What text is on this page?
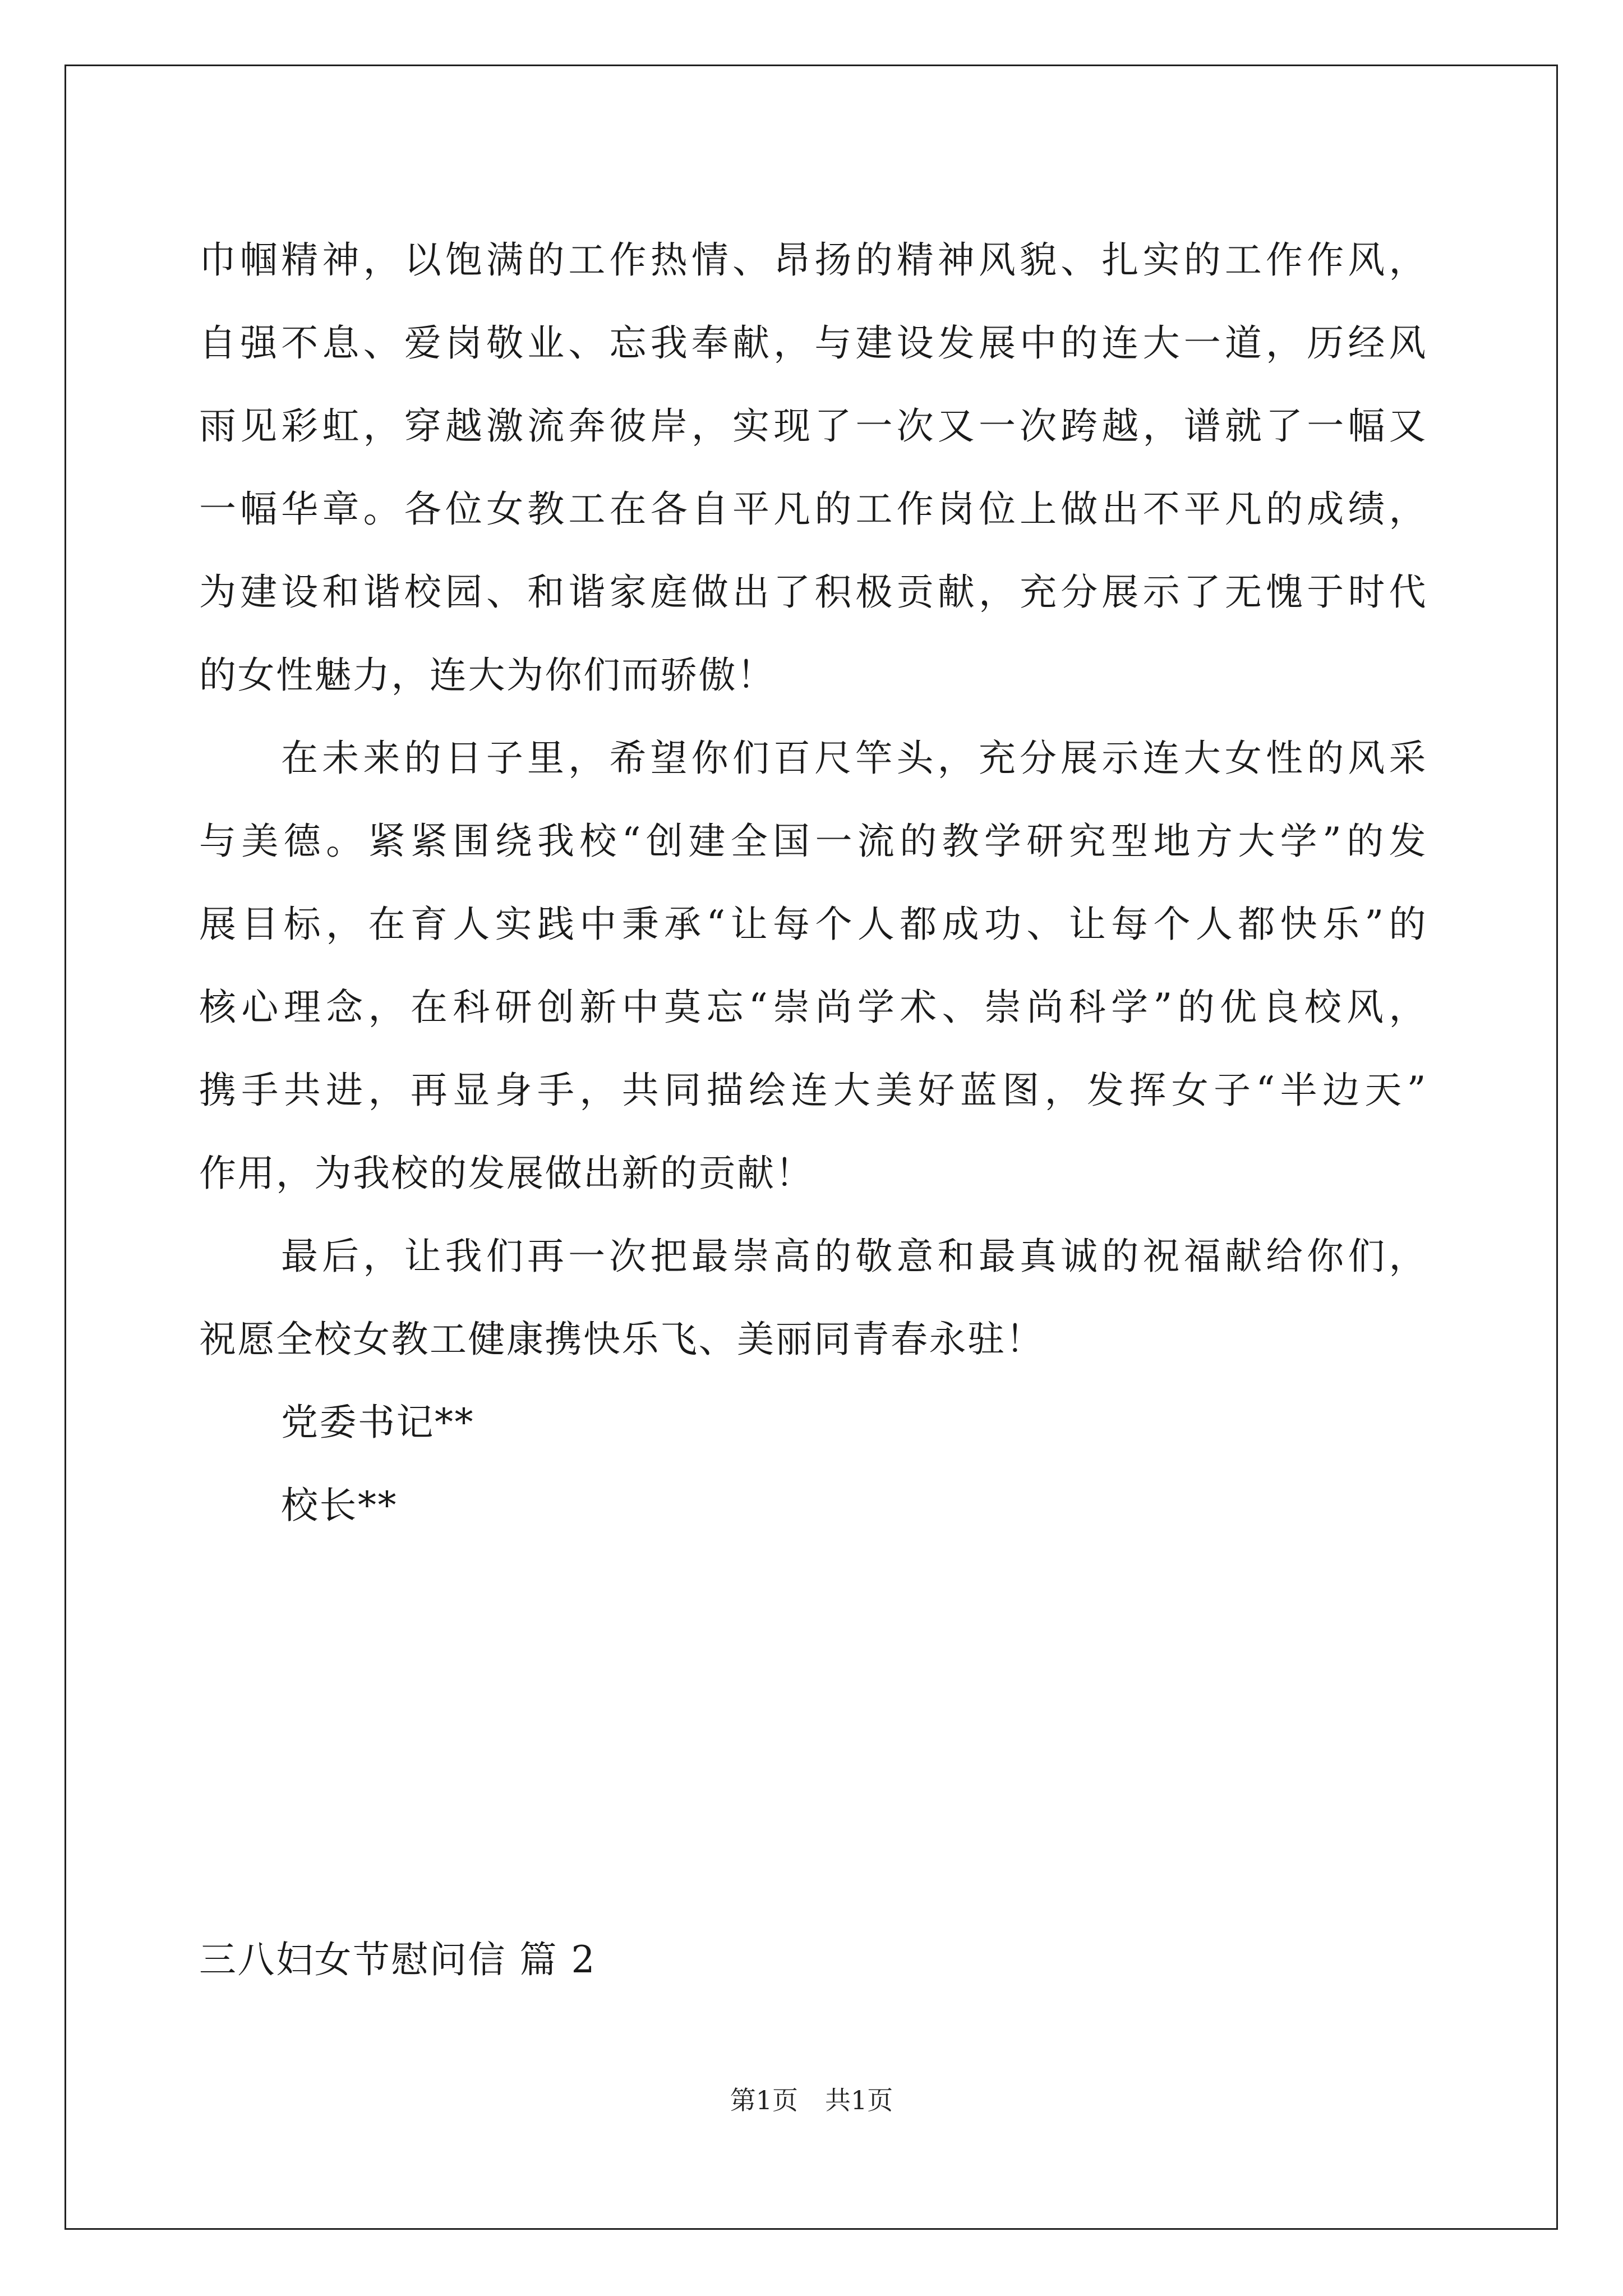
巾帼精神，以饱满的工作热情、昂扬的精神风貌、扎实的工作作风，
自强不息、爱岗敬业、忘我奉献，与建设发展中的连大一道，历经风
雨见彩虹，穿越激流奔彼岸，实现了一次又一次跨越，谱就了一幅又
一幅华章。各位女教工在各自平凡的工作岗位上做出不平凡的成绩，
为建设和谐校园、和谐家庭做出了积极贡献，充分展示了无愧于时代
的女性魅力，连大为你们而骄傲！
在未来的日子里，希望你们百尺竿头，充分展示连大女性的风采
与美德。紧紧围绕我校“创建全国一流的教学研究型地方大学”的发
展目标，在育人实践中秉承“让每个人都成功、让每个人都快乐”的
核心理念，在科研创新中莫忘“崇尚学术、崇尚科学”的优良校风，
携手共进，再显身手，共同描绘连大美好蓝图，发挥女子“半边天”
作用，为我校的发展做出新的贡献！
最后，让我们再一次把最崇高的敬意和最真诚的祝福献给你们，
祝愿全校女教工健康携快乐飞、美丽同青春永驻！
党委书记**
校长**
三八妇女节慰问信 篇 2
第1页 共1页
